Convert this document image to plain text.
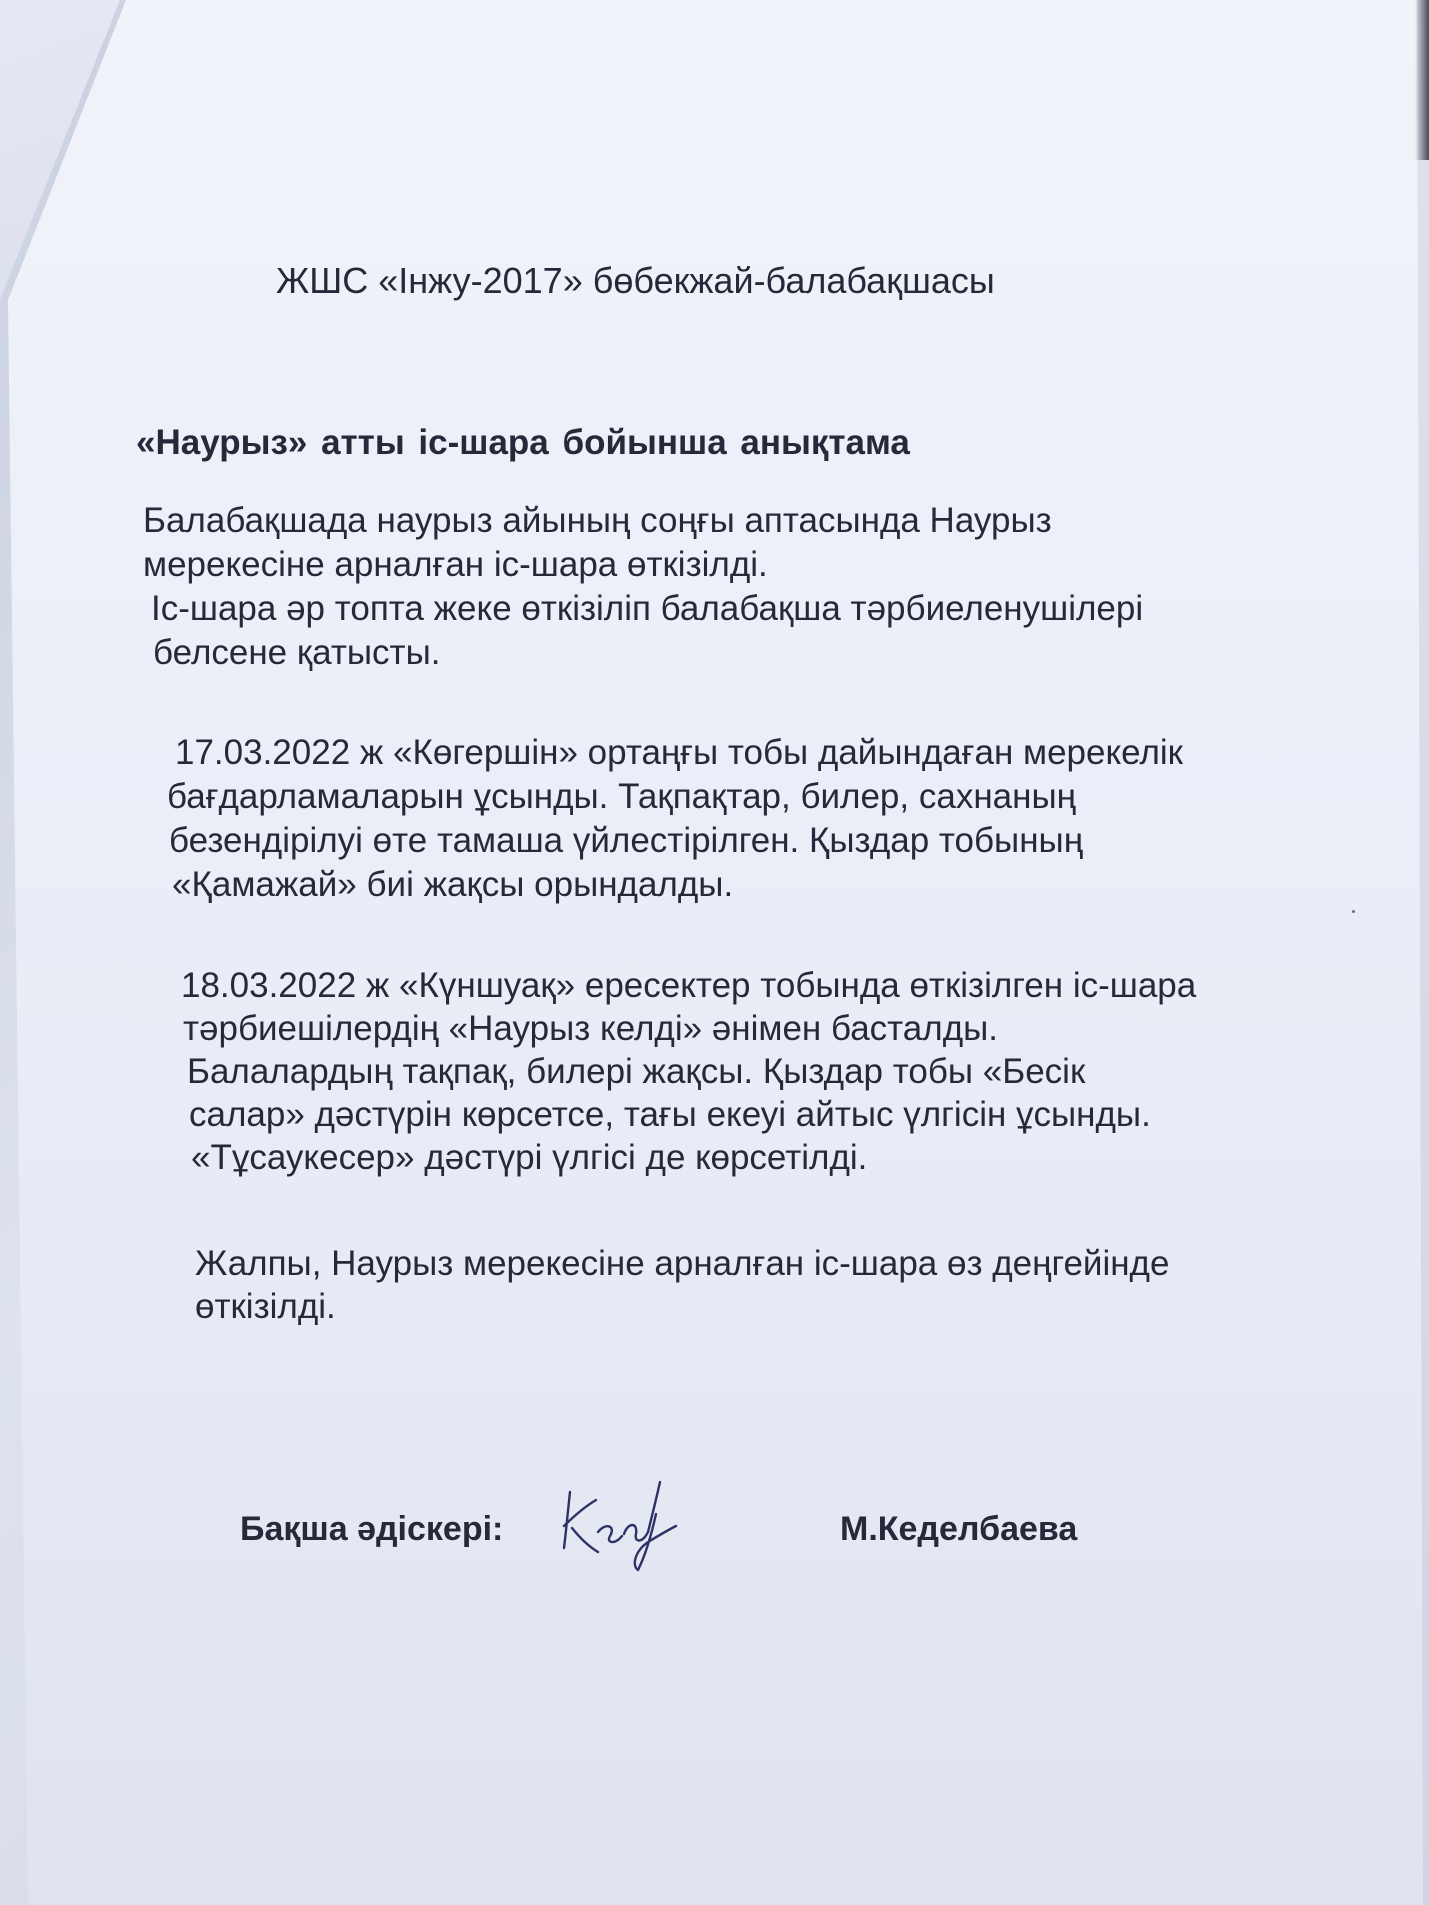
ЖШС «Інжу-2017» бөбекжай-балабақшасы
«Наурыз» атты іс-шара бойынша анықтама
Балабақшада наурыз айының соңғы аптасында Наурыз
мерекесіне арналған іс-шара өткізілді.
Іс-шара әр топта жеке өткізіліп балабақша тәрбиеленушілері
белсене қатысты.
17.03.2022 ж «Көгершін» ортаңғы тобы дайындаған мерекелік
бағдарламаларын ұсынды. Тақпақтар, билер, сахнаның
безендірілуі өте тамаша үйлестірілген. Қыздар тобының
«Қамажай» биі жақсы орындалды.
18.03.2022 ж «Күншуақ» ересектер тобында өткізілген іс-шара
тәрбиешілердің «Наурыз келді» әнімен басталды.
Балалардың тақпақ, билері жақсы. Қыздар тобы «Бесік
салар» дәстүрін көрсетсе, тағы екеуі айтыс үлгісін ұсынды.
«Тұсаукесер» дәстүрі үлгісі де көрсетілді.
Жалпы, Наурыз мерекесіне арналған іс-шара өз деңгейінде
өткізілді.
Бақша әдіскері:	М.Кеделбаева
